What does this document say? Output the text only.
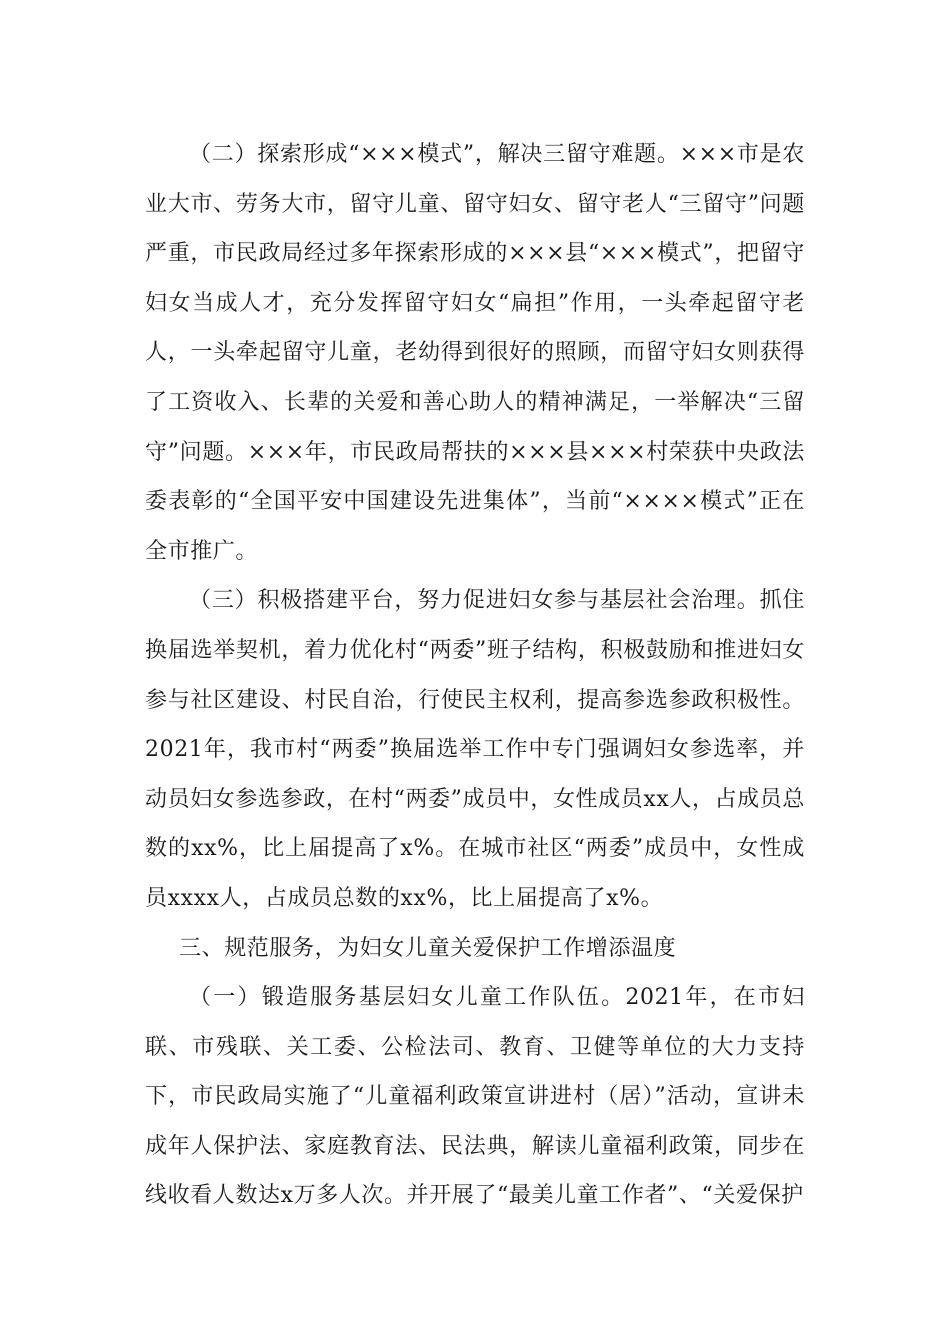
（二）探索形成“×××模式”，解决三留守难题。×××市是农业大市、劳务大市，留守儿童、留守妇女、留守老人“三留守”问题严重，市民政局经过多年探索形成的×××县“×××模式”，把留守妇女当成人才，充分发挥留守妇女“扁担”作用，一头牵起留守老人，一头牵起留守儿童，老幼得到很好的照顾，而留守妇女则获得了工资收入、长辈的关爱和善心助人的精神满足，一举解决“三留守”问题。×××年，市民政局帮扶的×××县×××村荣获中央政法委表彰的“全国平安中国建设先进集体”，当前“××××模式”正在全市推广。

（三）积极搭建平台，努力促进妇女参与基层社会治理。抓住换届选举契机，着力优化村“两委”班子结构，积极鼓励和推进妇女参与社区建设、村民自治，行使民主权利，提高参选参政积极性。2021年，我市村“两委”换届选举工作中专门强调妇女参选率，并动员妇女参选参政，在村“两委”成员中，女性成员xx人，占成员总数的xx%，比上届提高了x%。在城市社区“两委”成员中，女性成员xxxx人，占成员总数的xx%，比上届提高了x%。

三、规范服务，为妇女儿童关爱保护工作增添温度

（一）锻造服务基层妇女儿童工作队伍。2021年，在市妇联、市残联、关工委、公检法司、教育、卫健等单位的大力支持下，市民政局实施了“儿童福利政策宣讲进村（居）”活动，宣讲未成年人保护法、家庭教育法、民法典，解读儿童福利政策，同步在线收看人数达x万多人次。并开展了“最美儿童工作者”、“关爱保护
